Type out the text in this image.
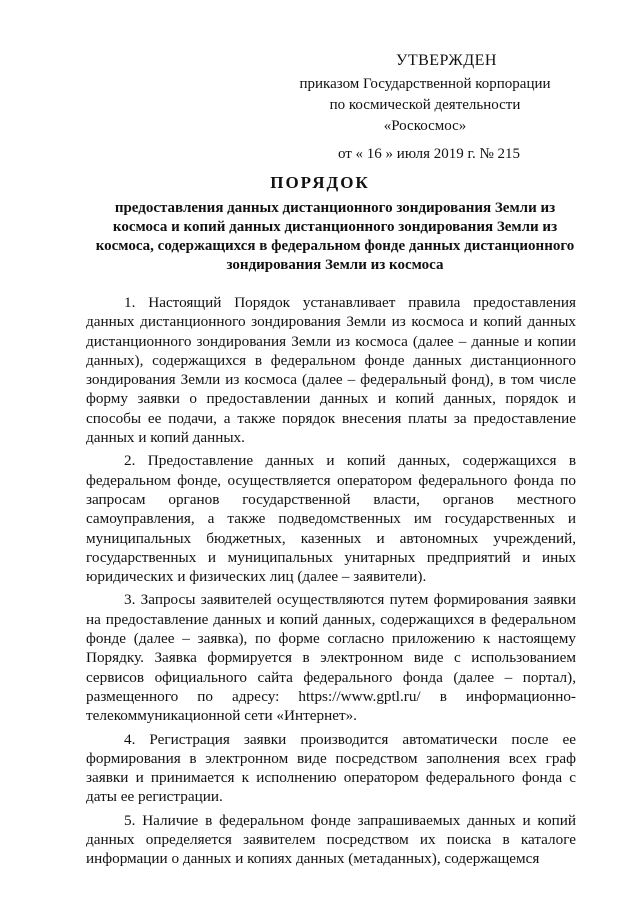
УТВЕРЖДЕН
приказом Государственной корпорации
по космической деятельности «Роскосмос»
от « 16 » июля 2019 г. № 215
ПОРЯДОК
предоставления данных дистанционного зондирования Земли из космоса и копий данных дистанционного зондирования Земли из космоса, содержащихся в федеральном фонде данных дистанционного зондирования Земли из космоса

1. Настоящий Порядок устанавливает правила предоставления данных дистанционного зондирования Земли из космоса и копий данных дистанционного зондирования Земли из космоса (далее – данные и копии данных), содержащихся в федеральном фонде данных дистанционного зондирования Земли из космоса (далее – федеральный фонд), в том числе форму заявки о предоставлении данных и копий данных, порядок и способы ее подачи, а также порядок внесения платы за предоставление данных и копий данных.

2. Предоставление данных и копий данных, содержащихся в федеральном фонде, осуществляется оператором федерального фонда по запросам органов государственной власти, органов местного самоуправления, а также подведомственных им государственных и муниципальных бюджетных, казенных и автономных учреждений, государственных и муниципальных унитарных предприятий и иных юридических и физических лиц (далее – заявители).

3. Запросы заявителей осуществляются путем формирования заявки на предоставление данных и копий данных, содержащихся в федеральном фонде (далее – заявка), по форме согласно приложению к настоящему Порядку. Заявка формируется в электронном виде с использованием сервисов официального сайта федерального фонда (далее – портал), размещенного по адресу: https://www.gptl.ru/ в информационно-телекоммуникационной сети «Интернет».

4. Регистрация заявки производится автоматически после ее формирования в электронном виде посредством заполнения всех граф заявки и принимается к исполнению оператором федерального фонда с даты ее регистрации.

5. Наличие в федеральном фонде запрашиваемых данных и копий данных определяется заявителем посредством их поиска в каталоге информации о данных и копиях данных (метаданных), содержащемся
